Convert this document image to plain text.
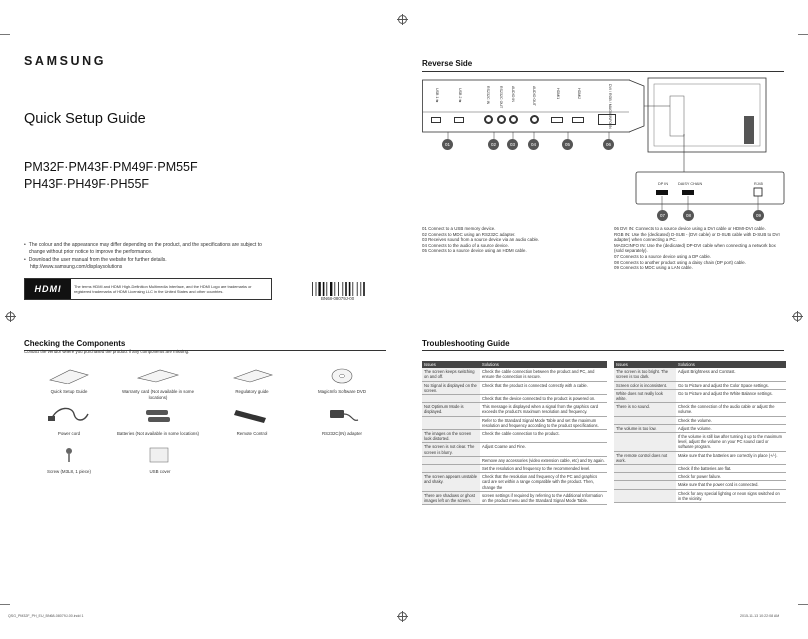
SAMSUNG
Quick Setup Guide
PM32F·PM43F·PM49F·PM55F
PH43F·PH49F·PH55F
• The colour and the appearance may differ depending on the product, and the specifications are subject to change without prior notice to improve the performance.
• Download the user manual from the website for further details.
http://www.samsung.com/displaysolutions
HDMI	The terms HDMI and HDMI High-Definition Multimedia Interface, and the HDMI Logo are trademarks or registered trademarks of HDMI Licensing LLC in the United States and other countries.
BN68-08079J-00
Reverse Side
USB 1 ⇆	USB 2 ⇆	RS232C IN	RS232C OUT AUDIO IN	AUDIO OUT	HDMI1	HDMI2	DVI / RGB / MAGICINFO IN
01	02	03	04	05	06
07	08	09
DP IN	DAISY CHAIN	RJ45
01 Connect to a USB memory device.
02 Connects to MDC using an RS232C adapter.
03 Receives sound from a source device via an audio cable.
04 Connects to the audio of a source device.
05 Connects to a source device using an HDMI cable.
06 DVI IN: Connects to a source device using a DVI cable or HDMI-DVI cable.
RGB IN: Use the (dedicated) D-SUB - (DVI cable) or D-SUB cable with D-SUB to DVI adapter) when connecting a PC.
MAGICINFO IN: Use the (dedicated) DP-DVI cable when connecting a network box (sold separately).
07 Connects to a source device using a DP cable.
08 Connects to another product using a daisy chain (DP port) cable.
09 Connects to MDC using a LAN cable.
Checking the Components
Contact the vendor where you purchased the product if any components are missing.
Quick Setup Guide	Warranty card (Not available in some locations)
Regulatory guide	MagicInfo Software DVD
Power cord	Batteries (Not available in some locations)	Remote Control	RS232C(IN) adapter
Screw (M3L8, 1 piece)	USB cover
Troubleshooting Guide
Issues	Solutions
The screen keeps switching on and off.	Check the cable connection between the product and PC, and ensure the connection is secure.
No Signal is displayed on the screen.	Check that the product is connected correctly with a cable.
	Check that the device connected to the product is powered on.
Not Optimum Mode is displayed.	This message is displayed when a signal from the graphics card exceeds the product's maximum resolution and frequency.
	Refer to the Standard Signal Mode Table and set the maximum resolution and frequency according to the product specifications.
The images on the screen look distorted.	Check the cable connection to the product.
The screen is not clear. The screen is blurry.	Adjust Coarse and Fine.
	Remove any accessories (video extension cable, etc) and try again.
	Set the resolution and frequency to the recommended level.
The screen appears unstable and shaky.	Check that the resolution and frequency of the PC and graphics card are set within a range compatible with the product. Then, change the
There are shadows or ghost images left on the screen.	screen settings if required by referring to the Additional Information on the product menu and the Standard Signal Mode Table.
Issues	Solutions
The screen is too bright. The screen is too dark.	Adjust Brightness and Contrast.
Screen color is inconsistent.	Go to Picture and adjust the Color Space settings.
White does not really look white.	Go to Picture and adjust the White Balance settings.
There is no sound.	Check the connection of the audio cable or adjust the volume.
	Check the volume.
The volume is too low.	Adjust the volume.
	If the volume is still low after turning it up to the maximum level, adjust the volume on your PC sound card or software program.
The remote control does not work.	Make sure that the batteries are correctly in place (+/-).
	Check if the batteries are flat.
	Check for power failure.
	Make sure that the power cord is connected.
	Check for any special lighting or neon signs switched on in the vicinity.
QSG_PM32F_PH_EU_BN68-08079J-00.indd 1	2015-11-13 10:22:08 AM
